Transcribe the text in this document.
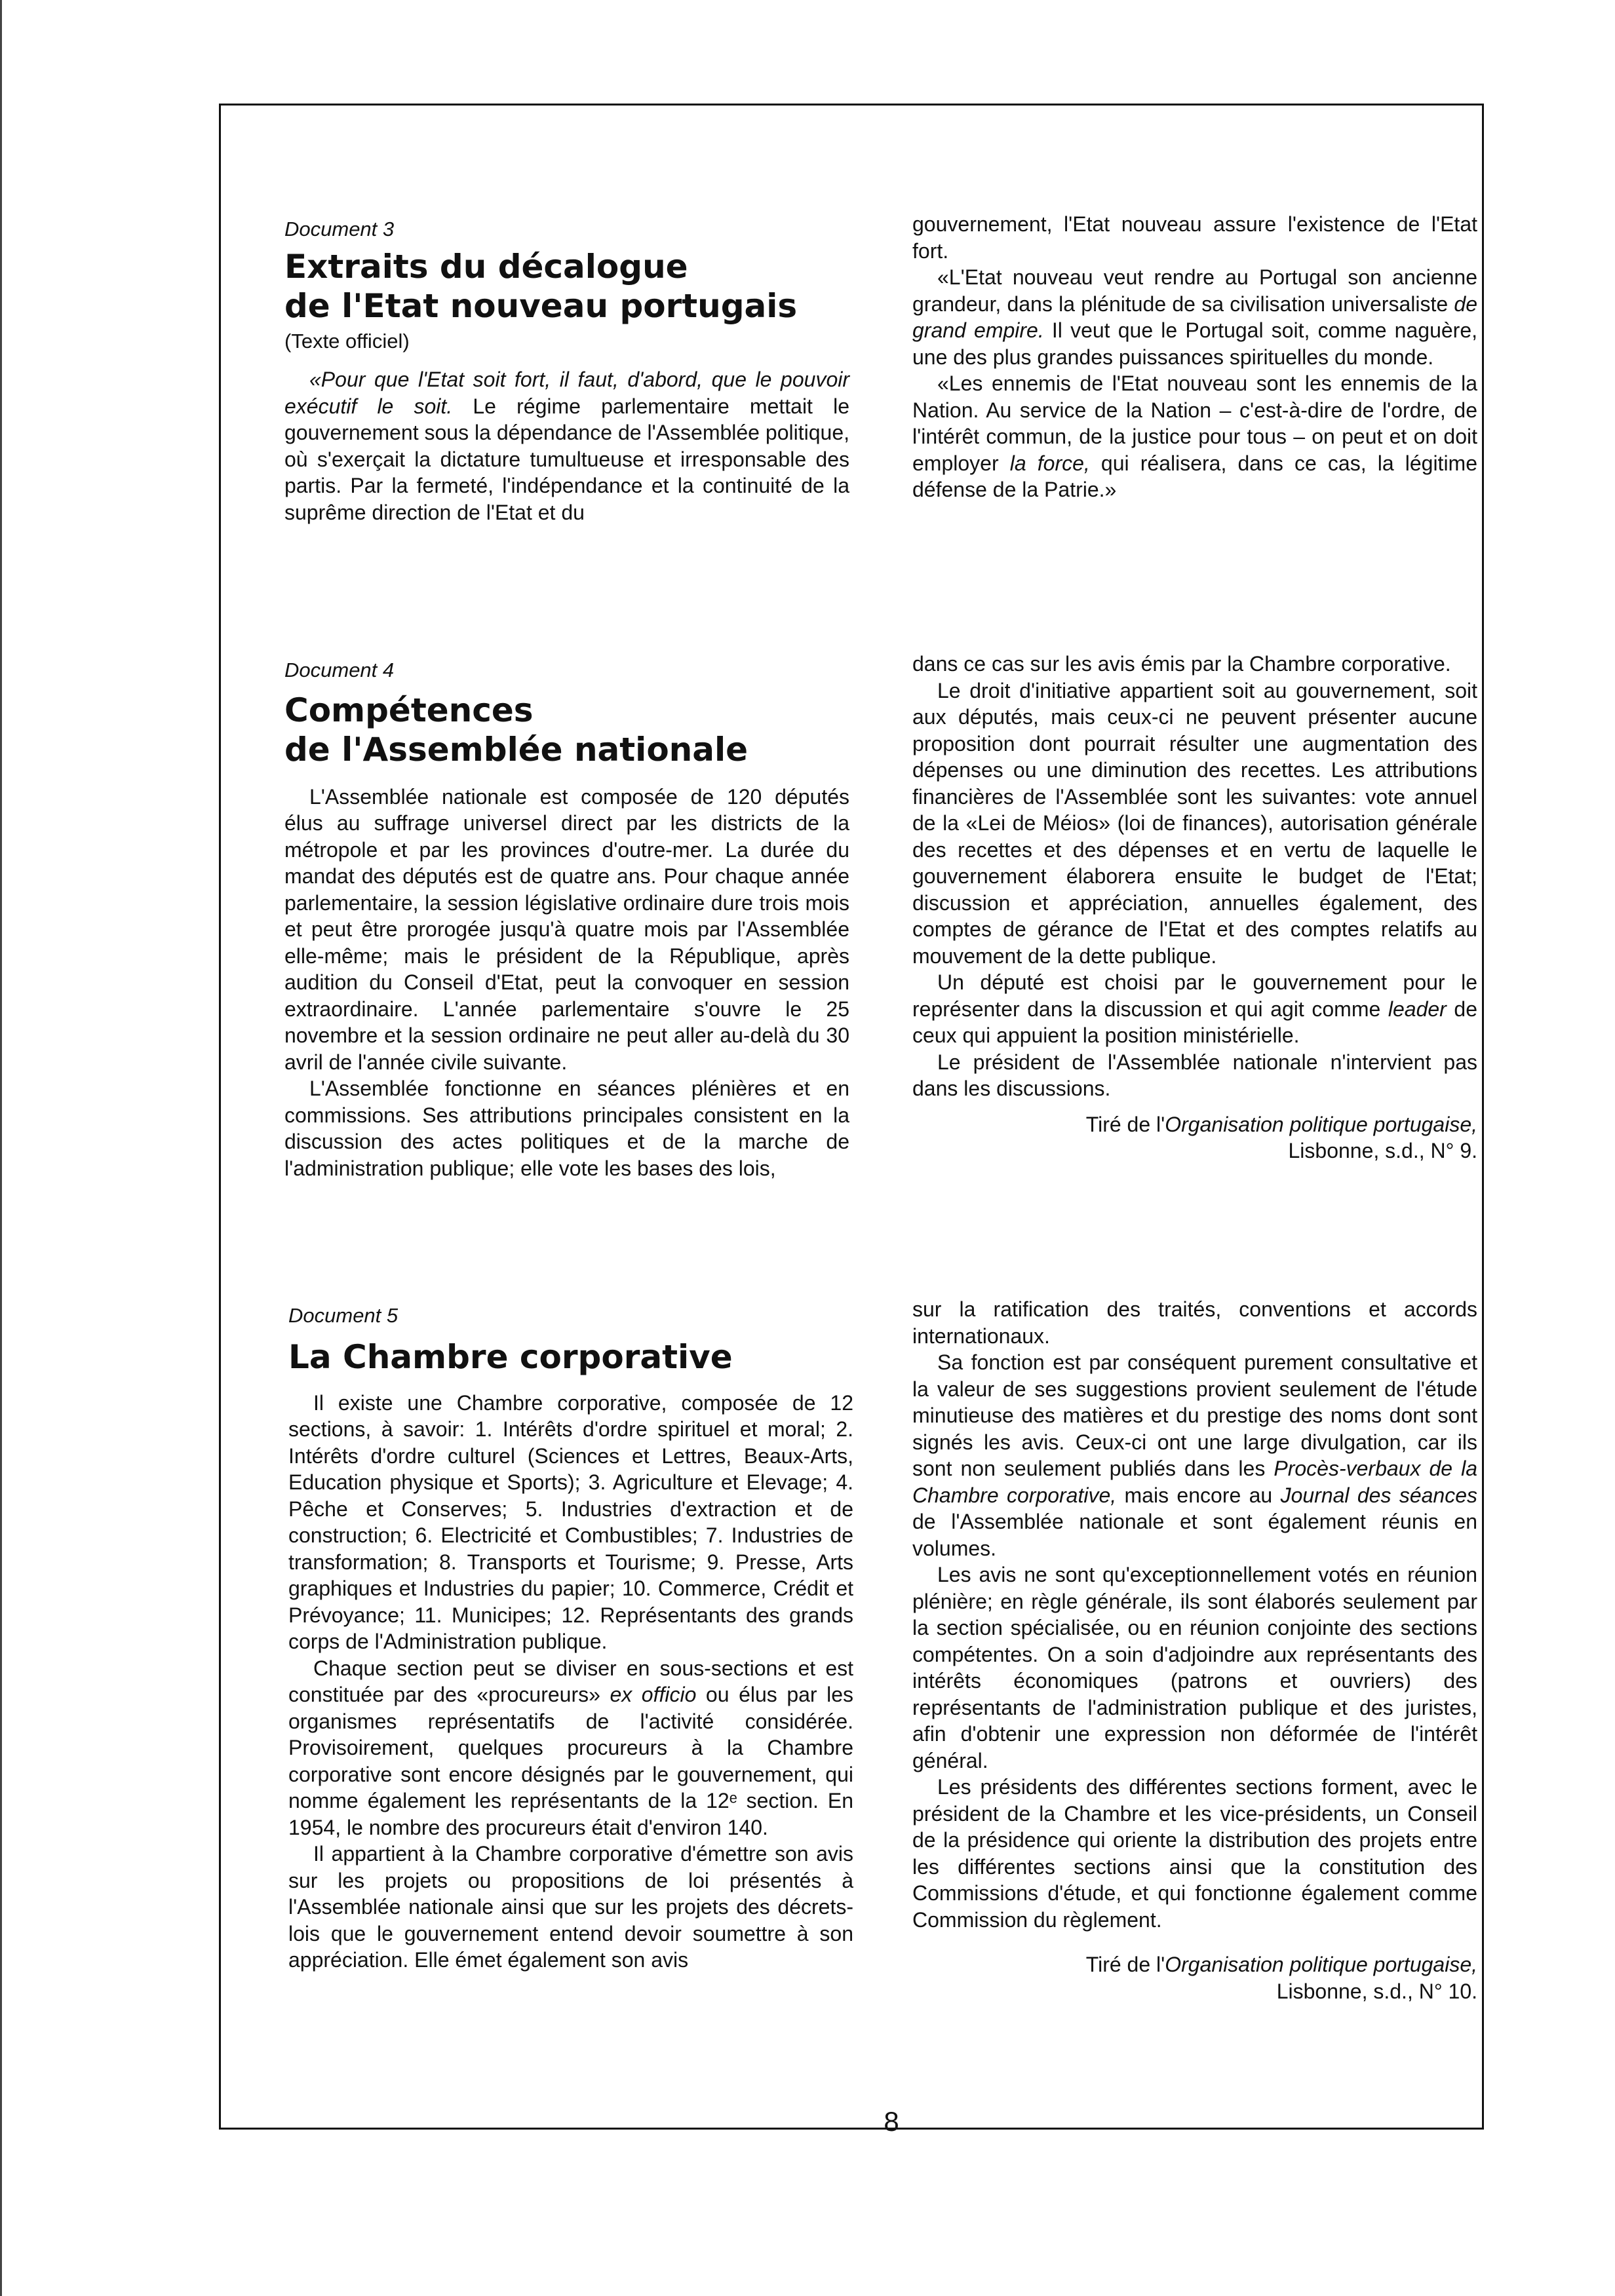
Document 3
Extraits du décalogue
de l'Etat nouveau portugais
(Texte officiel)

«Pour que l'Etat soit fort, il faut, d'abord, que le pouvoir exécutif le soit. Le régime parlementaire mettait le gouvernement sous la dépendance de l'Assemblée politique, où s'exerçait la dictature tumultueuse et irresponsable des partis. Par la fermeté, l'indépendance et la continuité de la suprême direction de l'Etat et du

gouvernement, l'Etat nouveau assure l'existence de l'Etat fort.

«L'Etat nouveau veut rendre au Portugal son ancienne grandeur, dans la plénitude de sa civilisation universaliste de grand empire. Il veut que le Portugal soit, comme naguère, une des plus grandes puissances spirituelles du monde.

«Les ennemis de l'Etat nouveau sont les ennemis de la Nation. Au service de la Nation – c'est-à-dire de l'ordre, de l'intérêt commun, de la justice pour tous – on peut et on doit employer la force, qui réalisera, dans ce cas, la légitime défense de la Patrie.»

Document 4
Compétences
de l'Assemblée nationale

L'Assemblée nationale est composée de 120 députés élus au suffrage universel direct par les districts de la métropole et par les provinces d'outre-mer. La durée du mandat des députés est de quatre ans. Pour chaque année parlementaire, la session législative ordinaire dure trois mois et peut être prorogée jusqu'à quatre mois par l'Assemblée elle-même; mais le président de la République, après audition du Conseil d'Etat, peut la convoquer en session extraordinaire. L'année parlementaire s'ouvre le 25 novembre et la session ordinaire ne peut aller au-delà du 30 avril de l'année civile suivante.

L'Assemblée fonctionne en séances plénières et en commissions. Ses attributions principales consistent en la discussion des actes politiques et de la marche de l'administration publique; elle vote les bases des lois,

dans ce cas sur les avis émis par la Chambre corporative.

Le droit d'initiative appartient soit au gouvernement, soit aux députés, mais ceux-ci ne peuvent présenter aucune proposition dont pourrait résulter une augmentation des dépenses ou une diminution des recettes. Les attributions financières de l'Assemblée sont les suivantes: vote annuel de la «Lei de Méios» (loi de finances), autorisation générale des recettes et des dépenses et en vertu de laquelle le gouvernement élaborera ensuite le budget de l'Etat; discussion et appréciation, annuelles également, des comptes de gérance de l'Etat et des comptes relatifs au mouvement de la dette publique.

Un député est choisi par le gouvernement pour le représenter dans la discussion et qui agit comme leader de ceux qui appuient la position ministérielle.

Le président de l'Assemblée nationale n'intervient pas dans les discussions.

Tiré de l'Organisation politique portugaise,

Lisbonne, s.d., N° 9.

Document 5
La Chambre corporative

Il existe une Chambre corporative, composée de 12 sections, à savoir: 1. Intérêts d'ordre spirituel et moral; 2. Intérêts d'ordre culturel (Sciences et Lettres, Beaux-Arts, Education physique et Sports); 3. Agriculture et Elevage; 4. Pêche et Conserves; 5. Industries d'extraction et de construction; 6. Electricité et Combustibles; 7. Industries de transformation; 8. Transports et Tourisme; 9. Presse, Arts graphiques et Industries du papier; 10. Commerce, Crédit et Prévoyance; 11. Municipes; 12. Représentants des grands corps de l'Administration publique.

Chaque section peut se diviser en sous-sections et est constituée par des «procureurs» ex officio ou élus par les organismes représentatifs de l'activité considérée. Provisoirement, quelques procureurs à la Chambre corporative sont encore désignés par le gouvernement, qui nomme également les représentants de la 12ᵉ section. En 1954, le nombre des procureurs était d'environ 140.

Il appartient à la Chambre corporative d'émettre son avis sur les projets ou propositions de loi présentés à l'Assemblée nationale ainsi que sur les projets des décrets-lois que le gouvernement entend devoir soumettre à son appréciation. Elle émet également son avis

sur la ratification des traités, conventions et accords internationaux.

Sa fonction est par conséquent purement consultative et la valeur de ses suggestions provient seulement de l'étude minutieuse des matières et du prestige des noms dont sont signés les avis. Ceux-ci ont une large divulgation, car ils sont non seulement publiés dans les Procès-verbaux de la Chambre corporative, mais encore au Journal des séances de l'Assemblée nationale et sont également réunis en volumes.

Les avis ne sont qu'exceptionnellement votés en réunion plénière; en règle générale, ils sont élaborés seulement par la section spécialisée, ou en réunion conjointe des sections compétentes. On a soin d'adjoindre aux représentants des intérêts économiques (patrons et ouvriers) des représentants de l'administration publique et des juristes, afin d'obtenir une expression non déformée de l'intérêt général.

Les présidents des différentes sections forment, avec le président de la Chambre et les vice-présidents, un Conseil de la présidence qui oriente la distribution des projets entre les différentes sections ainsi que la constitution des Commissions d'étude, et qui fonctionne également comme Commission du règlement.

Tiré de l'Organisation politique portugaise,

Lisbonne, s.d., N° 10.

8
